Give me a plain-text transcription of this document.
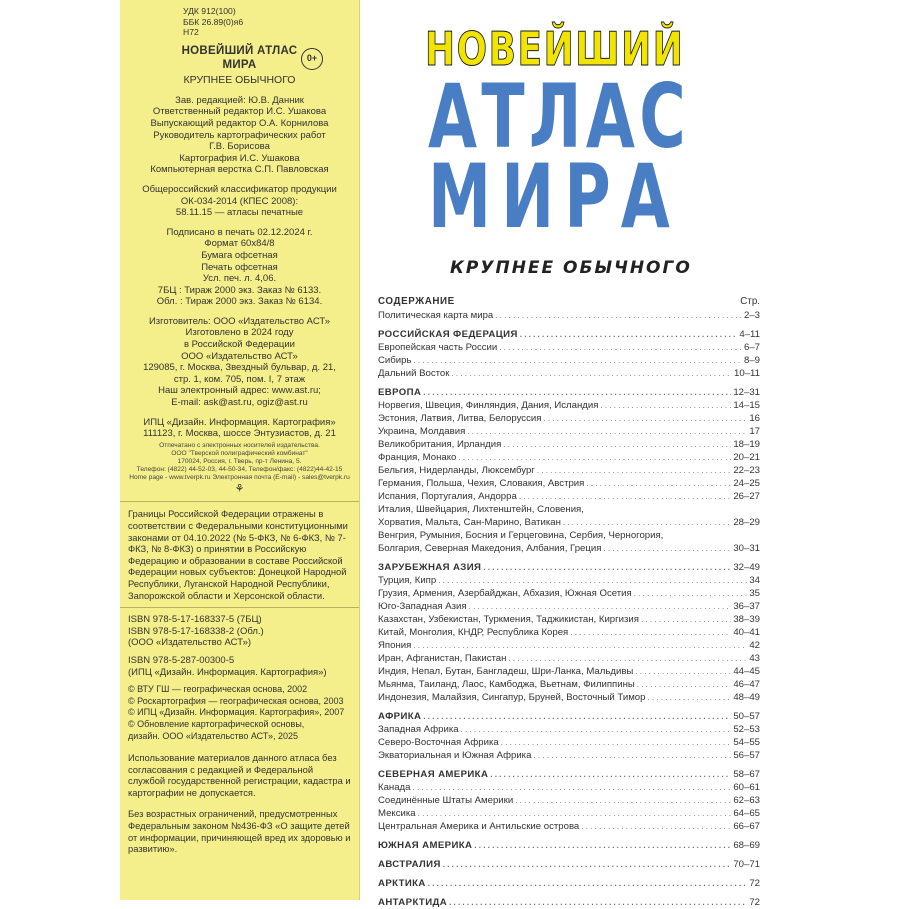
УДК 912(100)
ББК 26.89(0)я6
Н72
НОВЕЙШИЙ АТЛАС МИРА
КРУПНЕЕ ОБЫЧНОГО
0+
Зав. редакцией: Ю.В. Данник
Ответственный редактор И.С. Ушакова
Выпускающий редактор О.А. Корнилова
Руководитель картографических работ
Г.В. Борисова
Картография И.С. Ушакова
Компьютерная верстка С.П. Павловская
Общероссийский классификатор продукции
ОК-034-2014 (КПЕС 2008):
58.11.15 — атласы печатные
Подписано в печать 02.12.2024 г.
Формат 60х84/8
Бумага офсетная
Печать офсетная
Усл. печ. л. 4,06.
7БЦ : Тираж 2000 экз. Заказ № 6133.
Обл. : Тираж 2000 экз. Заказ № 6134.
Изготовитель: ООО «Издательство АСТ»
Изготовлено в 2024 году
в Российской Федерации
ООО «Издательство АСТ»
129085, г. Москва, Звездный бульвар, д. 21,
стр. 1, ком. 705, пом. I, 7 этаж
Наш электронный адрес: www.ast.ru;
E-mail: ask@ast.ru, ogiz@ast.ru
ИПЦ «Дизайн. Информация. Картография»
111123, г. Москва, шоссе Энтузиастов, д. 21
Отпечатано с электронных носителей издательства.
ООО "Тверской полиграфический комбинат"
170024, Россия, г. Тверь, пр-т Ленина, 5.
Телефон: (4822) 44-52-03, 44-50-34, Телефон/факс: (4822)44-42-15
Home page - www.tverpk.ru Электронная почта (E-mail) - sales@tverpk.ru
⚘
Границы Российской Федерации отражены в соответствии с Федеральными конституционными законами от 04.10.2022 (№ 5-ФКЗ, № 6-ФКЗ, № 7-ФКЗ, № 8-ФКЗ) о принятии в Российскую Федерацию и образовании в составе Российской Федерации новых субъектов: Донецкой Народной Республики, Луганской Народной Республики, Запорожской области и Херсонской области.
ISBN 978-5-17-168337-5 (7БЦ)
ISBN 978-5-17-168338-2 (Обл.)
(ООО «Издательство АСТ»)
ISBN 978-5-287-00300-5
(ИПЦ «Дизайн. Информация. Картография»)
© ВТУ ГШ — географическая основа, 2002
© Роскартография — географическая основа, 2003
© ИПЦ «Дизайн. Информация. Картография», 2007
© Обновление картографической основы,
дизайн. ООО «Издательство АСТ», 2025
Использование материалов данного атласа без согласования с редакцией и Федеральной службой государственной регистрации, кадастра и картографии не допускается.
Без возрастных ограничений, предусмотренных Федеральным законом №436-ФЗ «О защите детей от информации, причиняющей вред их здоровью и развитию».
НОВЕЙШИЙ
АТЛАС
МИРА
КРУПНЕЕ ОБЫЧНОГО
СОДЕРЖАНИЕ	Стр.
Политическая карта мира . . .	2–3
РОССИЙСКАЯ ФЕДЕРАЦИЯ . . .	4–11
Европейская часть России . . .	6–7
Сибирь . . .	8–9
Дальний Восток . . .	10–11
ЕВРОПА . . .	12–31
Норвегия, Швеция, Финляндия, Дания, Исландия . . .	14–15
Эстония, Латвия, Литва, Белоруссия . . .	16
Украина, Молдавия . . .	17
Великобритания, Ирландия . . .	18–19
Франция, Монако . . .	20–21
Бельгия, Нидерланды, Люксембург . . .	22–23
Германия, Польша, Чехия, Словакия, Австрия . . .	24–25
Испания, Португалия, Андорра . . .	26–27
Италия, Швейцария, Лихтенштейн, Словения,
Хорватия, Мальта, Сан-Марино, Ватикан . . .	28–29
Венгрия, Румыния, Босния и Герцеговина, Сербия, Черногория,
Болгария, Северная Македония, Албания, Греция . . .	30–31
ЗАРУБЕЖНАЯ АЗИЯ . . .	32–49
Турция, Кипр . . .	34
Грузия, Армения, Азербайджан, Абхазия, Южная Осетия . . .	35
Юго-Западная Азия . . .	36–37
Казахстан, Узбекистан, Туркмения, Таджикистан, Киргизия . . .	38–39
Китай, Монголия, КНДР, Республика Корея . . .	40–41
Япония . . .	42
Иран, Афганистан, Пакистан . . .	43
Индия, Непал, Бутан, Бангладеш, Шри-Ланка, Мальдивы . . .	44–45
Мьянма, Таиланд, Лаос, Камбоджа, Вьетнам, Филиппины . . .	46–47
Индонезия, Малайзия, Сингапур, Бруней, Восточный Тимор . . .	48–49
АФРИКА . . .	50–57
Западная Африка . . .	52–53
Северо-Восточная Африка . . .	54–55
Экваториальная и Южная Африка . . .	56–57
СЕВЕРНАЯ АМЕРИКА . . .	58–67
Канада . . .	60–61
Соединённые Штаты Америки . . .	62–63
Мексика . . .	64–65
Центральная Америка и Антильские острова . . .	66–67
ЮЖНАЯ АМЕРИКА . . .	68–69
АВСТРАЛИЯ . . .	70–71
АРКТИКА . . .	72
АНТАРКТИДА . . .	72
